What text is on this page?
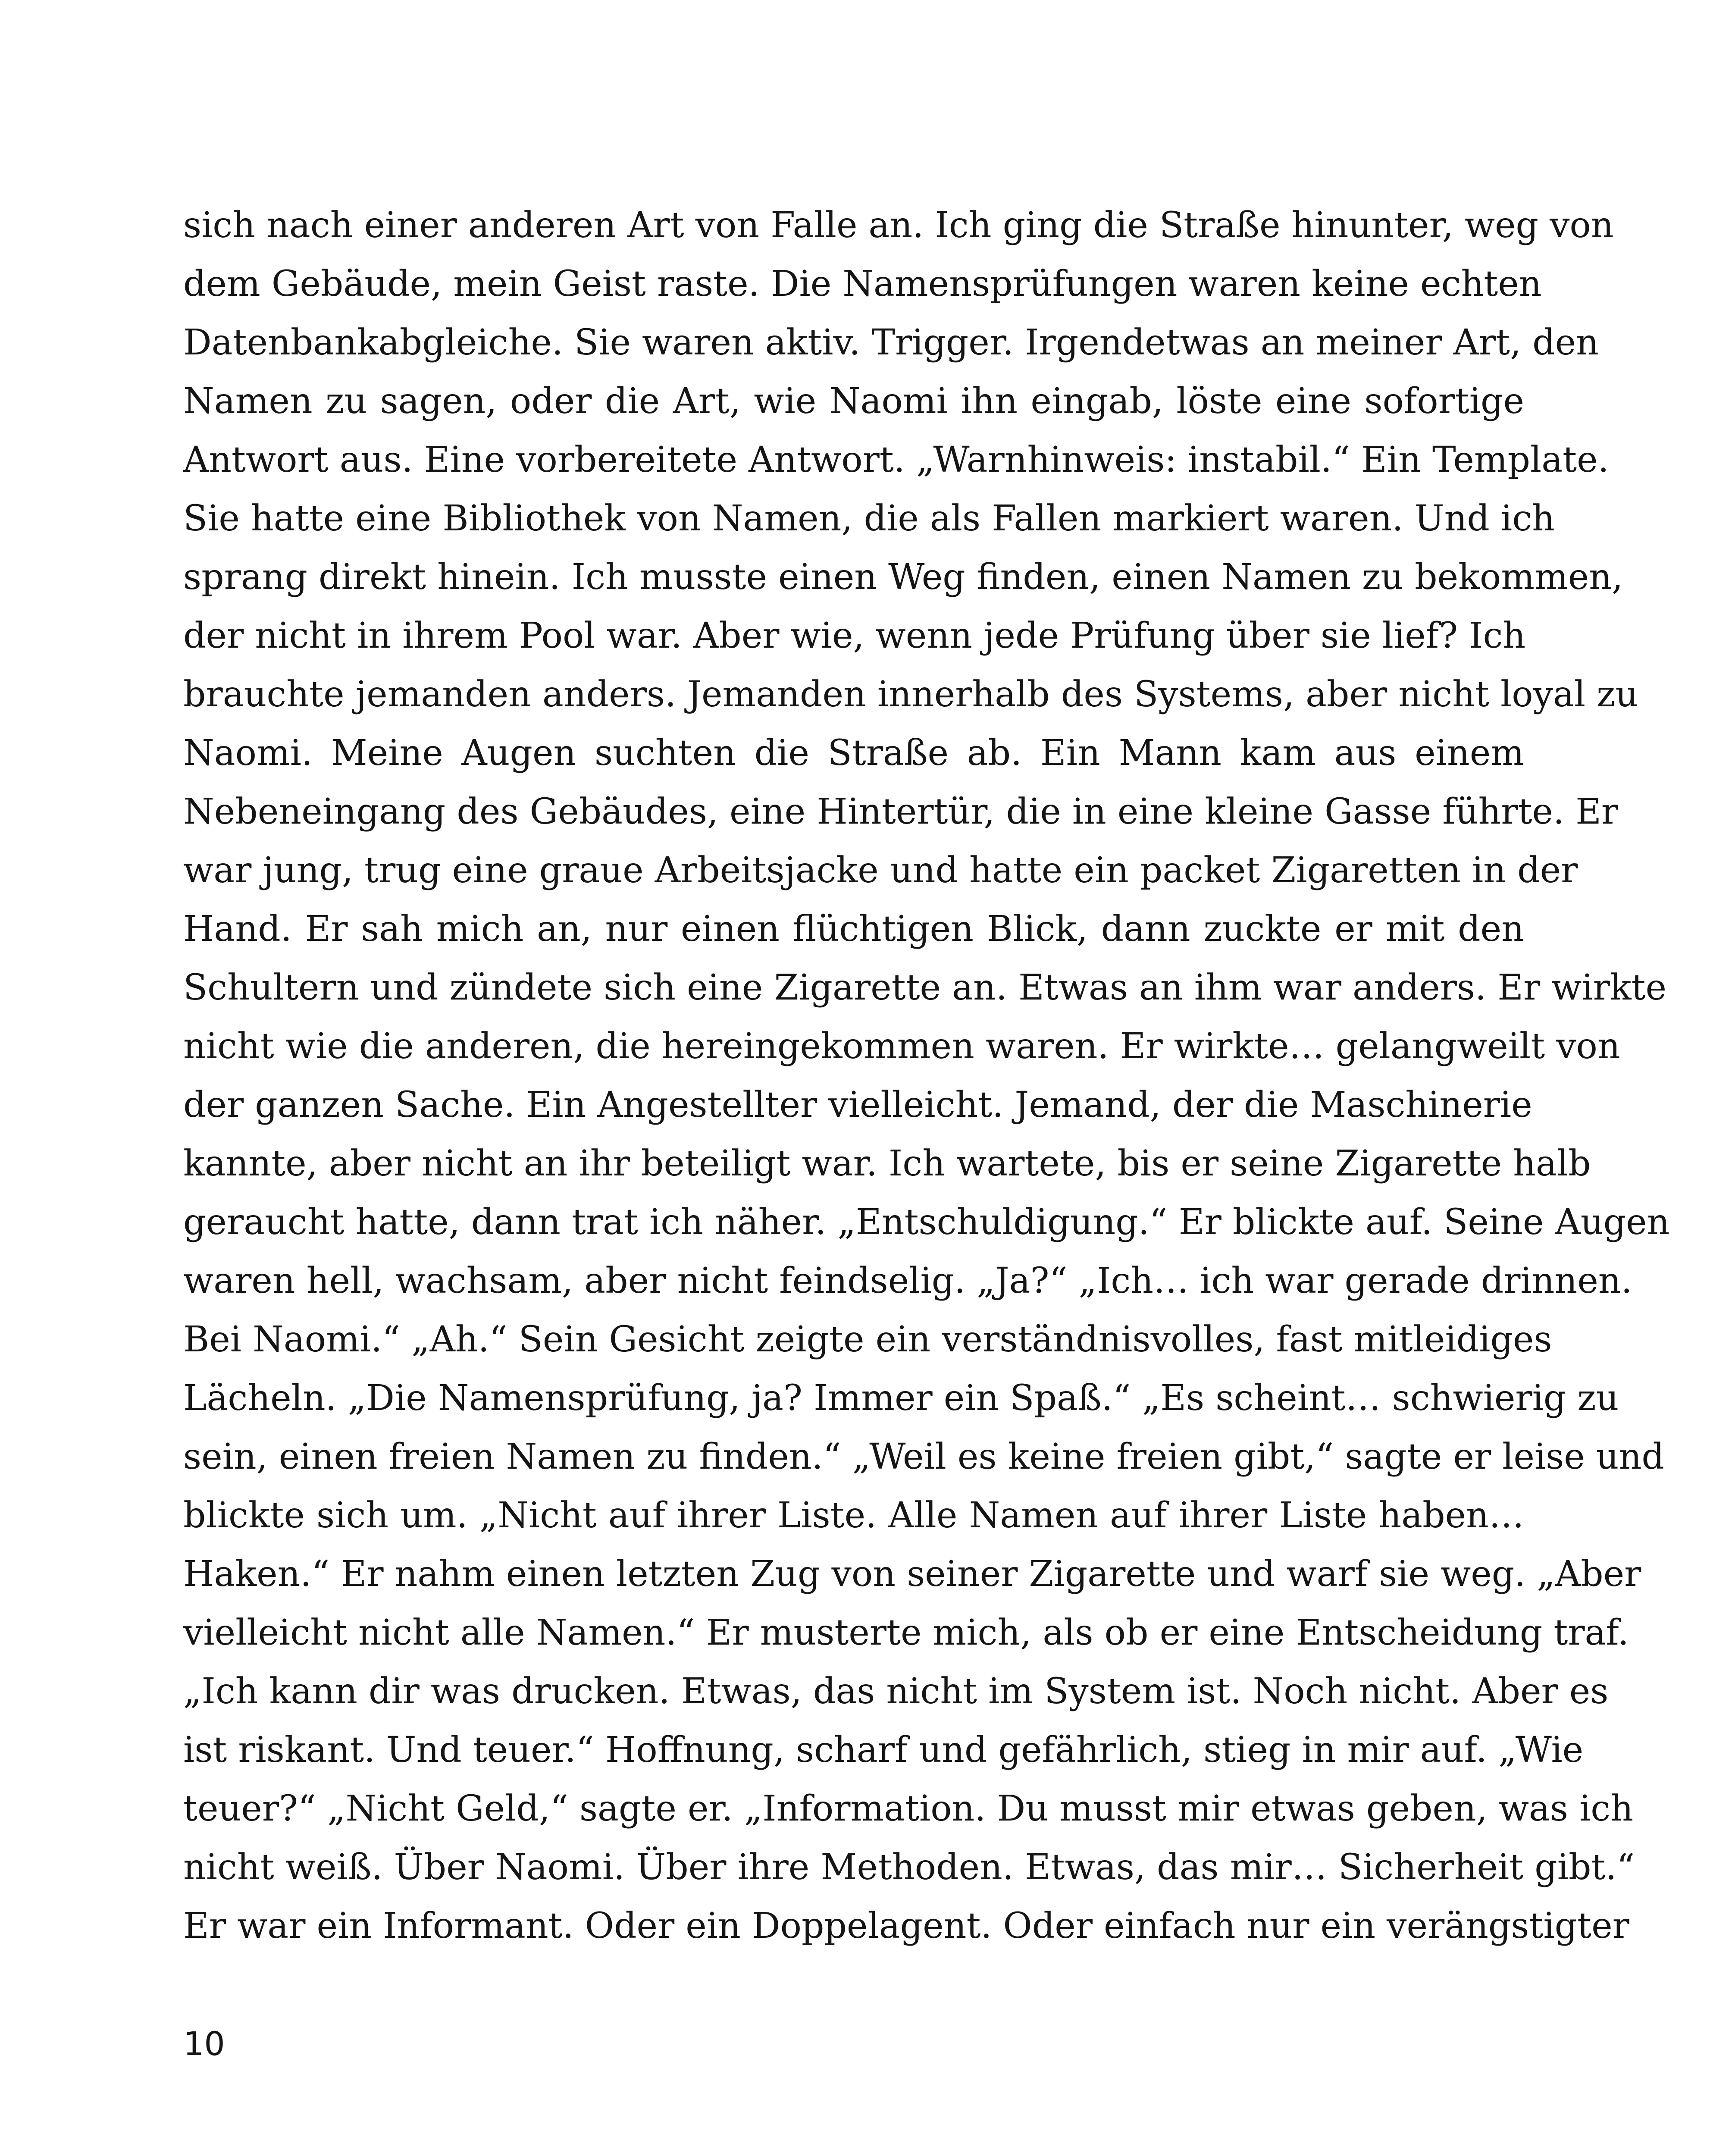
sich nach einer anderen Art von Falle an. Ich ging die Straße hinunter, weg von
dem Gebäude, mein Geist raste. Die Namensprüfungen waren keine echten
Datenbankabgleiche. Sie waren aktiv. Trigger. Irgendetwas an meiner Art, den
Namen zu sagen, oder die Art, wie Naomi ihn eingab, löste eine sofortige
Antwort aus. Eine vorbereitete Antwort. „Warnhinweis: instabil.“ Ein Template.
Sie hatte eine Bibliothek von Namen, die als Fallen markiert waren. Und ich
sprang direkt hinein. Ich musste einen Weg finden, einen Namen zu bekommen,
der nicht in ihrem Pool war. Aber wie, wenn jede Prüfung über sie lief? Ich
brauchte jemanden anders. Jemanden innerhalb des Systems, aber nicht loyal zu
Naomi. Meine Augen suchten die Straße ab. Ein Mann kam aus einem
Nebeneingang des Gebäudes, eine Hintertür, die in eine kleine Gasse führte. Er
war jung, trug eine graue Arbeitsjacke und hatte ein packet Zigaretten in der
Hand. Er sah mich an, nur einen flüchtigen Blick, dann zuckte er mit den
Schultern und zündete sich eine Zigarette an. Etwas an ihm war anders. Er wirkte
nicht wie die anderen, die hereingekommen waren. Er wirkte… gelangweilt von
der ganzen Sache. Ein Angestellter vielleicht. Jemand, der die Maschinerie
kannte, aber nicht an ihr beteiligt war. Ich wartete, bis er seine Zigarette halb
geraucht hatte, dann trat ich näher. „Entschuldigung.“ Er blickte auf. Seine Augen
waren hell, wachsam, aber nicht feindselig. „Ja?“ „Ich… ich war gerade drinnen.
Bei Naomi.“ „Ah.“ Sein Gesicht zeigte ein verständnisvolles, fast mitleidiges
Lächeln. „Die Namensprüfung, ja? Immer ein Spaß.“ „Es scheint… schwierig zu
sein, einen freien Namen zu finden.“ „Weil es keine freien gibt,“ sagte er leise und
blickte sich um. „Nicht auf ihrer Liste. Alle Namen auf ihrer Liste haben…
Haken.“ Er nahm einen letzten Zug von seiner Zigarette und warf sie weg. „Aber
vielleicht nicht alle Namen.“ Er musterte mich, als ob er eine Entscheidung traf.
„Ich kann dir was drucken. Etwas, das nicht im System ist. Noch nicht. Aber es
ist riskant. Und teuer.“ Hoffnung, scharf und gefährlich, stieg in mir auf. „Wie
teuer?“ „Nicht Geld,“ sagte er. „Information. Du musst mir etwas geben, was ich
nicht weiß. Über Naomi. Über ihre Methoden. Etwas, das mir… Sicherheit gibt.“
Er war ein Informant. Oder ein Doppelagent. Oder einfach nur ein verängstigter
10
